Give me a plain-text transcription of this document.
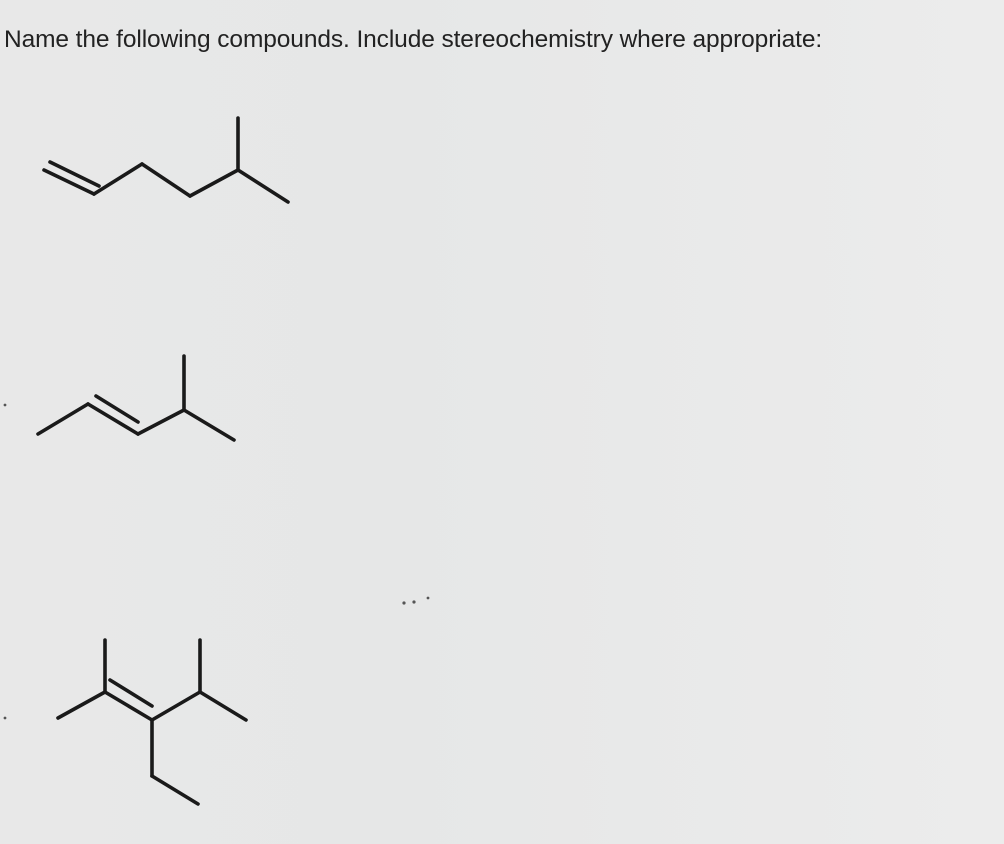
Name the following compounds. Include stereochemistry where appropriate:
